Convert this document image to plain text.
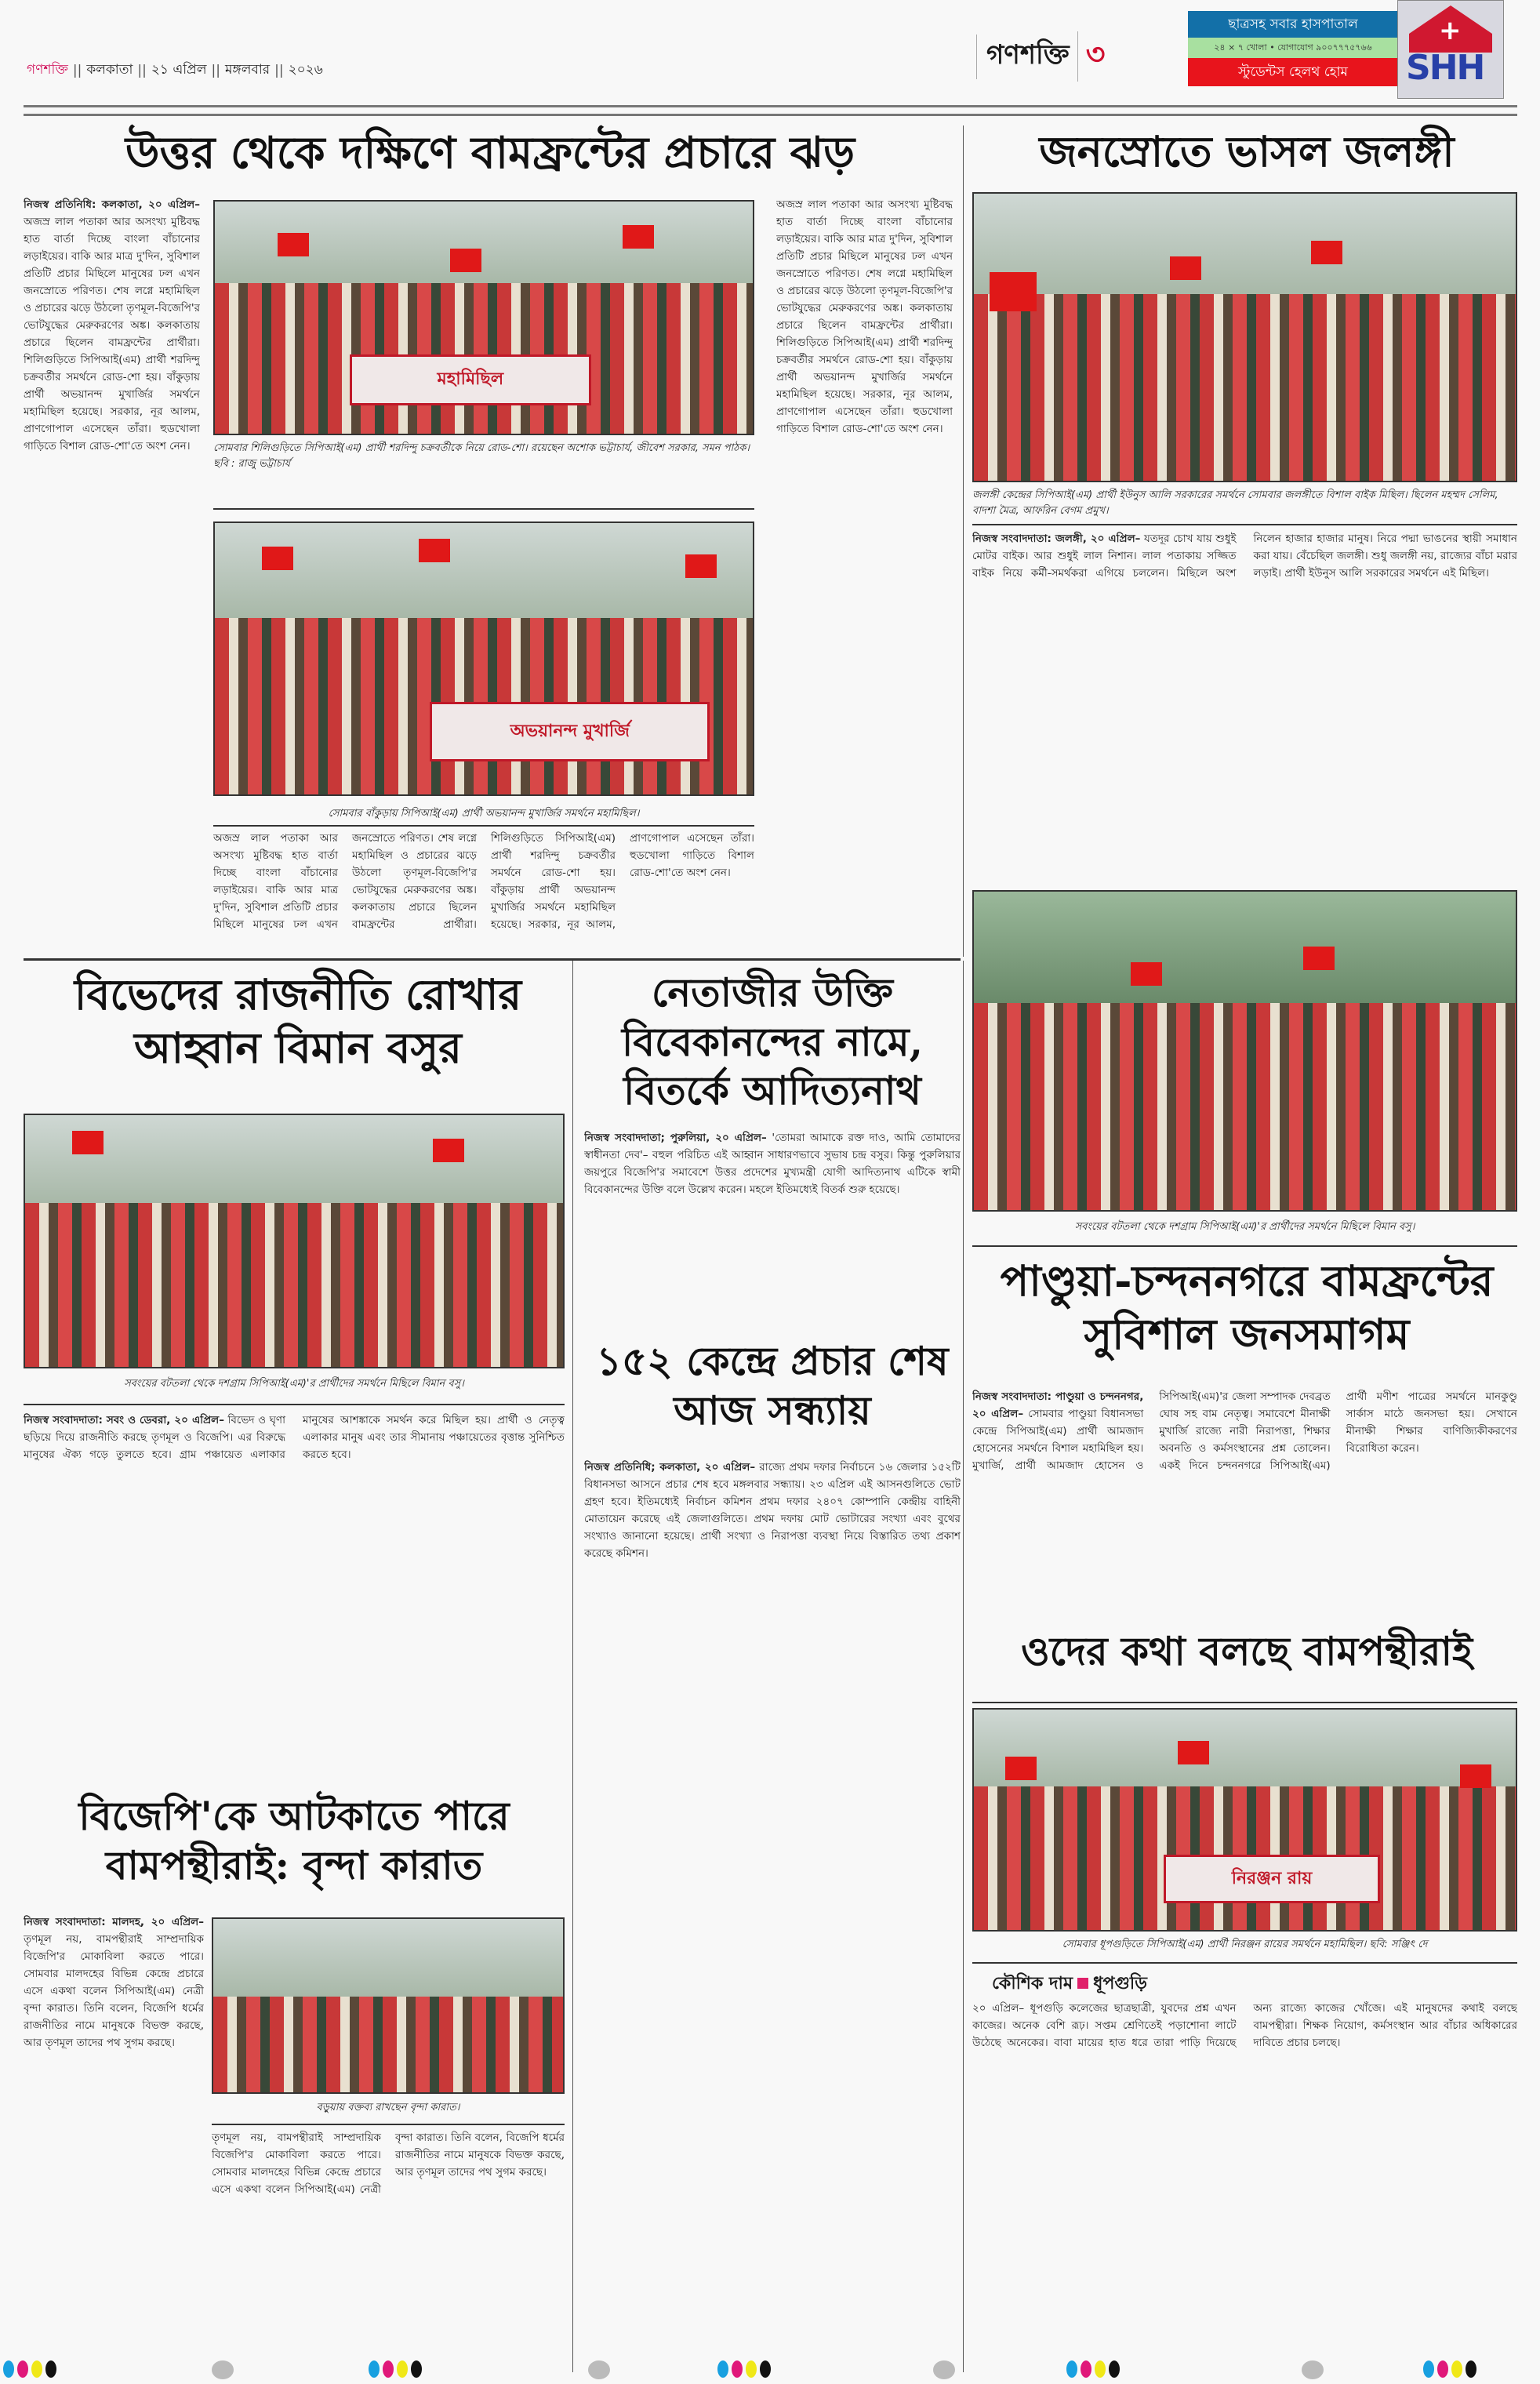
গণশক্তি || কলকাতা || ২১ এপ্রিল || মঙ্গলবার || ২০২৬	গণশক্তি ৩
ছাত্রসহ সবার হাসপাতাল
২৪ × ৭ খোলা • যোগাযোগ ৯০০৭৭৭৫৭৬৬
স্টুডেন্টস হেলথ হোম
+
SHH
উত্তর থেকে দক্ষিণে বামফ্রন্টের প্রচারে ঝড়
নিজস্ব প্রতিনিধি: কলকাতা, ২০ এপ্রিল– অজস্র লাল পতাকা আর অসংখ্য মুষ্টিবদ্ধ হাত বার্তা দিচ্ছে বাংলা বাঁচানোর লড়াইয়ের। বাকি আর মাত্র দু'দিন, সুবিশাল প্রতিটি প্রচার মিছিলে মানুষের ঢল এখন জনস্রোতে পরিণত। শেষ লগ্নে মহামিছিল ও প্রচারের ঝড়ে উঠলো তৃণমূল-বিজেপি'র ভোটযুদ্ধের মেরুকরণের অঙ্ক। কলকাতায় প্রচারে ছিলেন বামফ্রন্টের প্রার্থীরা। শিলিগুড়িতে সিপিআই(এম) প্রার্থী শরদিন্দু চক্রবর্তীর সমর্থনে রোড-শো হয়। বাঁকুড়ায় প্রার্থী অভয়ানন্দ মুখার্জির সমর্থনে মহামিছিল হয়েছে। সরকার, নূর আলম, প্রাণগোপাল এসেছেন তাঁরা। হুডখোলা গাড়িতে বিশাল রোড-শো'তে অংশ নেন।
মহামিছিল
সোমবার শিলিগুড়িতে সিপিআই(এম) প্রার্থী শরদিন্দু চক্রবর্তীকে নিয়ে রোড-শো। রয়েছেন অশোক ভট্টাচার্য, জীবেশ সরকার, সমন পাঠক। ছবি : রাজু ভট্টাচার্য
অভয়ানন্দ মুখার্জি
সোমবার বাঁকুড়ায় সিপিআই(এম) প্রার্থী অভয়ানন্দ মুখার্জির সমর্থনে মহামিছিল।
অজস্র লাল পতাকা আর অসংখ্য মুষ্টিবদ্ধ হাত বার্তা দিচ্ছে বাংলা বাঁচানোর লড়াইয়ের। বাকি আর মাত্র দু'দিন, সুবিশাল প্রতিটি প্রচার মিছিলে মানুষের ঢল এখন জনস্রোতে পরিণত। শেষ লগ্নে মহামিছিল ও প্রচারের ঝড়ে উঠলো তৃণমূল-বিজেপি'র ভোটযুদ্ধের মেরুকরণের অঙ্ক। কলকাতায় প্রচারে ছিলেন বামফ্রন্টের প্রার্থীরা। শিলিগুড়িতে সিপিআই(এম) প্রার্থী শরদিন্দু চক্রবর্তীর সমর্থনে রোড-শো হয়। বাঁকুড়ায় প্রার্থী অভয়ানন্দ মুখার্জির সমর্থনে মহামিছিল হয়েছে। সরকার, নূর আলম, প্রাণগোপাল এসেছেন তাঁরা। হুডখোলা গাড়িতে বিশাল রোড-শো'তে অংশ নেন।
অজস্র লাল পতাকা আর অসংখ্য মুষ্টিবদ্ধ হাত বার্তা দিচ্ছে বাংলা বাঁচানোর লড়াইয়ের। বাকি আর মাত্র দু'দিন, সুবিশাল প্রতিটি প্রচার মিছিলে মানুষের ঢল এখন জনস্রোতে পরিণত। শেষ লগ্নে মহামিছিল ও প্রচারের ঝড়ে উঠলো তৃণমূল-বিজেপি'র ভোটযুদ্ধের মেরুকরণের অঙ্ক। কলকাতায় প্রচারে ছিলেন বামফ্রন্টের প্রার্থীরা। শিলিগুড়িতে সিপিআই(এম) প্রার্থী শরদিন্দু চক্রবর্তীর সমর্থনে রোড-শো হয়। বাঁকুড়ায় প্রার্থী অভয়ানন্দ মুখার্জির সমর্থনে মহামিছিল হয়েছে। সরকার, নূর আলম, প্রাণগোপাল এসেছেন তাঁরা। হুডখোলা গাড়িতে বিশাল রোড-শো'তে অংশ নেন।
জনস্রোতে ভাসল জলঙ্গী
জলঙ্গী কেন্দ্রের সিপিআই(এম) প্রার্থী ইউনুস আলি সরকারের সমর্থনে সোমবার জলঙ্গীতে বিশাল বাইক মিছিল। ছিলেন মহম্মদ সেলিম, বাদশা মৈত্র, আফরিন বেগম প্রমুখ।
নিজস্ব সংবাদদাতা: জলঙ্গী, ২০ এপ্রিল– যতদূর চোখ যায় শুধুই মোটর বাইক। আর শুধুই লাল নিশান। লাল পতাকায় সজ্জিত বাইক নিয়ে কর্মী-সমর্থকরা এগিয়ে চললেন। মিছিলে অংশ নিলেন হাজার হাজার মানুষ। নিরে পদ্মা ভাঙনের স্থায়ী সমাধান করা যায়। বেঁচেছিল জলঙ্গী। শুধু জলঙ্গী নয়, রাজ্যের বাঁচা মরার লড়াই। প্রার্থী ইউনুস আলি সরকারের সমর্থনে এই মিছিল।
সবংয়ের বটতলা থেকে দশগ্রাম সিপিআই(এম)'র প্রার্থীদের সমর্থনে মিছিলে বিমান বসু।
বিভেদের রাজনীতি রোখার আহ্বান বিমান বসুর
সবংয়ের বটতলা থেকে দশগ্রাম সিপিআই(এম)'র প্রার্থীদের সমর্থনে মিছিলে বিমান বসু।
নিজস্ব সংবাদদাতা: সবং ও ডেবরা, ২০ এপ্রিল– বিভেদ ও ঘৃণা ছড়িয়ে দিয়ে রাজনীতি করছে তৃণমূল ও বিজেপি। এর বিরুদ্ধে মানুষের ঐক্য গড়ে তুলতে হবে। গ্রাম পঞ্চায়েত এলাকার মানুষের আশঙ্কাকে সমর্থন করে মিছিল হয়। প্রার্থী ও নেতৃত্ব এলাকার মানুষ এবং তার সীমানায় পঞ্চায়েতের বৃত্তান্ত সুনিশ্চিত করতে হবে।
নেতাজীর উক্তি বিবেকানন্দের নামে, বিতর্কে আদিত্যনাথ
নিজস্ব সংবাদদাতা; পুরুলিয়া, ২০ এপ্রিল– 'তোমরা আমাকে রক্ত দাও, আমি তোমাদের স্বাধীনতা দেব'– বহুল পরিচিত এই আহ্বান সাধারণভাবে সুভাষ চন্দ্র বসুর। কিন্তু পুরুলিয়ার জয়পুরে বিজেপি'র সমাবেশে উত্তর প্রদেশের মুখ্যমন্ত্রী যোগী আদিত্যনাথ এটিকে স্বামী বিবেকানন্দের উক্তি বলে উল্লেখ করেন। মহলে ইতিমধ্যেই বিতর্ক শুরু হয়েছে।
১৫২ কেন্দ্রে প্রচার শেষ আজ সন্ধ্যায়
নিজস্ব প্রতিনিধি; কলকাতা, ২০ এপ্রিল– রাজ্যে প্রথম দফার নির্বাচনে ১৬ জেলার ১৫২টি বিধানসভা আসনে প্রচার শেষ হবে মঙ্গলবার সন্ধ্যায়। ২৩ এপ্রিল এই আসনগুলিতে ভোট গ্রহণ হবে। ইতিমধ্যেই নির্বাচন কমিশন প্রথম দফার ২৪০৭ কোম্পানি কেন্দ্রীয় বাহিনী মোতায়েন করেছে এই জেলাগুলিতে। প্রথম দফায় মোট ভোটারের সংখ্যা এবং বুথের সংখ্যাও জানানো হয়েছে। প্রার্থী সংখ্যা ও নিরাপত্তা ব্যবস্থা নিয়ে বিস্তারিত তথ্য প্রকাশ করেছে কমিশন।
পাণ্ডুয়া-চন্দননগরে বামফ্রন্টের সুবিশাল জনসমাগম
নিজস্ব সংবাদদাতা: পাণ্ডুয়া ও চন্দননগর, ২০ এপ্রিল– সোমবার পাণ্ডুয়া বিধানসভা কেন্দ্রে সিপিআই(এম) প্রার্থী আমজাদ হোসেনের সমর্থনে বিশাল মহামিছিল হয়। মুখার্জি, প্রার্থী আমজাদ হোসেন ও সিপিআই(এম)'র জেলা সম্পাদক দেবব্রত ঘোষ সহ বাম নেতৃত্ব। সমাবেশে মীনাক্ষী মুখার্জি রাজ্যে নারী নিরাপত্তা, শিক্ষার অবনতি ও কর্মসংস্থানের প্রশ্ন তোলেন। একই দিনে চন্দননগরে সিপিআই(এম) প্রার্থী মণীশ পাত্রের সমর্থনে মানকুণ্ডু সার্কাস মাঠে জনসভা হয়। সেখানে মীনাক্ষী শিক্ষার বাণিজ্যিকীকরণের বিরোধিতা করেন।
বিজেপি'কে আটকাতে পারে বামপন্থীরাই: বৃন্দা কারাত
নিজস্ব সংবাদদাতা: মালদহ, ২০ এপ্রিল– তৃণমূল নয়, বামপন্থীরাই সাম্প্রদায়িক বিজেপি'র মোকাবিলা করতে পারে। সোমবার মালদহের বিভিন্ন কেন্দ্রে প্রচারে এসে একথা বলেন সিপিআই(এম) নেত্রী বৃন্দা কারাত। তিনি বলেন, বিজেপি ধর্মের রাজনীতির নামে মানুষকে বিভক্ত করছে, আর তৃণমূল তাদের পথ সুগম করছে।
বড়ুয়ায় বক্তব্য রাখছেন বৃন্দা কারাত।
তৃণমূল নয়, বামপন্থীরাই সাম্প্রদায়িক বিজেপি'র মোকাবিলা করতে পারে। সোমবার মালদহের বিভিন্ন কেন্দ্রে প্রচারে এসে একথা বলেন সিপিআই(এম) নেত্রী বৃন্দা কারাত। তিনি বলেন, বিজেপি ধর্মের রাজনীতির নামে মানুষকে বিভক্ত করছে, আর তৃণমূল তাদের পথ সুগম করছে।
ওদের কথা বলছে বামপন্থীরাই
নিরঞ্জন রায়
সোমবার ধূপগুড়িতে সিপিআই(এম) প্রার্থী নিরঞ্জন রায়ের সমর্থনে মহামিছিল। ছবি: সঞ্জিৎ দে
কৌশিক দাম ধূপগুড়ি
২০ এপ্রিল– ধূপগুড়ি কলেজের ছাত্রছাত্রী, যুবদের প্রশ্ন এখন কাজের। অনেক বেশি রূঢ়। সপ্তম শ্রেণিতেই পড়াশোনা লাটে উঠেছে অনেকের। বাবা মায়ের হাত ধরে তারা পাড়ি দিয়েছে অন্য রাজ্যে কাজের খোঁজে। এই মানুষদের কথাই বলছে বামপন্থীরা। শিক্ষক নিয়োগ, কর্মসংস্থান আর বাঁচার অধিকারের দাবিতে প্রচার চলছে।
